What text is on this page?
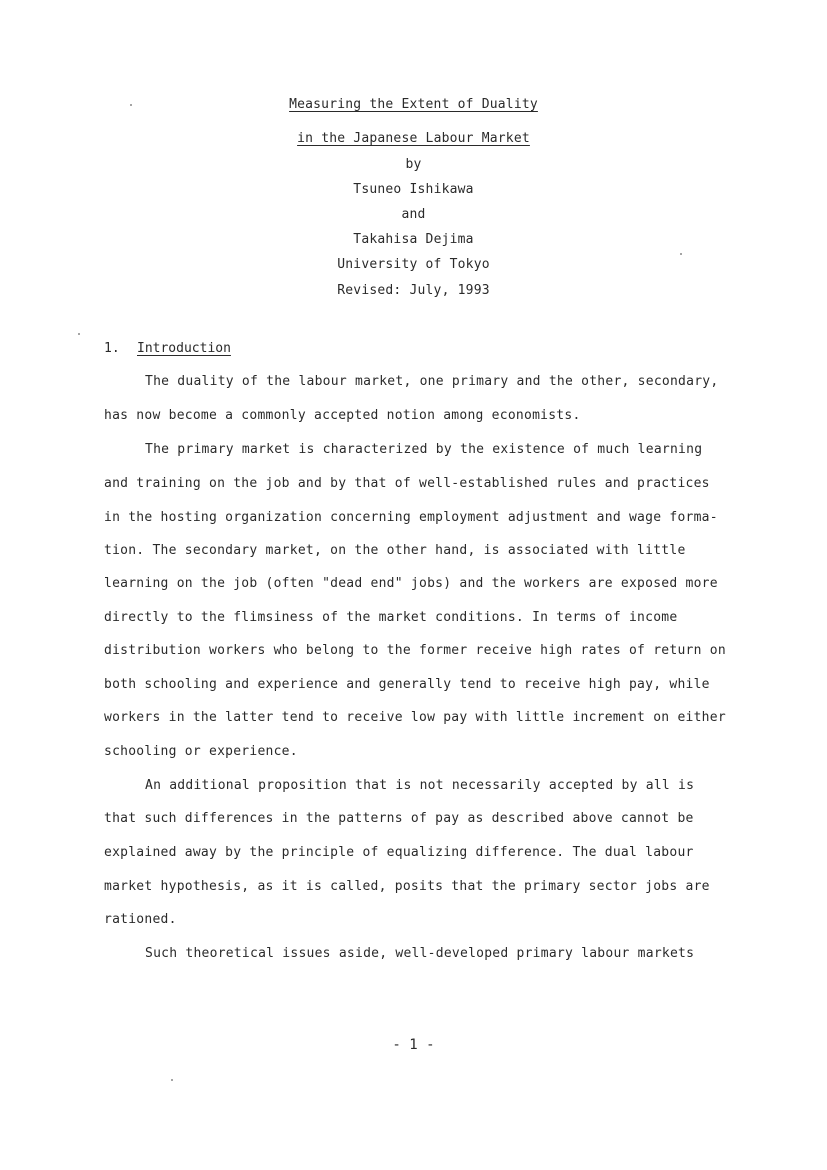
Measuring the Extent of Duality
in the Japanese Labour Market
by
Tsuneo Ishikawa
and
Takahisa Dejima
University of Tokyo
Revised: July, 1993
1. Introduction
The duality of the labour market, one primary and the other, secondary,
has now become a commonly accepted notion among economists.
The primary market is characterized by the existence of much learning
and training on the job and by that of well-established rules and practices
in the hosting organization concerning employment adjustment and wage forma-
tion. The secondary market, on the other hand, is associated with little
learning on the job (often "dead end" jobs) and the workers are exposed more
directly to the flimsiness of the market conditions. In terms of income
distribution workers who belong to the former receive high rates of return on
both schooling and experience and generally tend to receive high pay, while
workers in the latter tend to receive low pay with little increment on either
schooling or experience.
An additional proposition that is not necessarily accepted by all is
that such differences in the patterns of pay as described above cannot be
explained away by the principle of equalizing difference. The dual labour
market hypothesis, as it is called, posits that the primary sector jobs are
rationed.
Such theoretical issues aside, well-developed primary labour markets
- 1 -
